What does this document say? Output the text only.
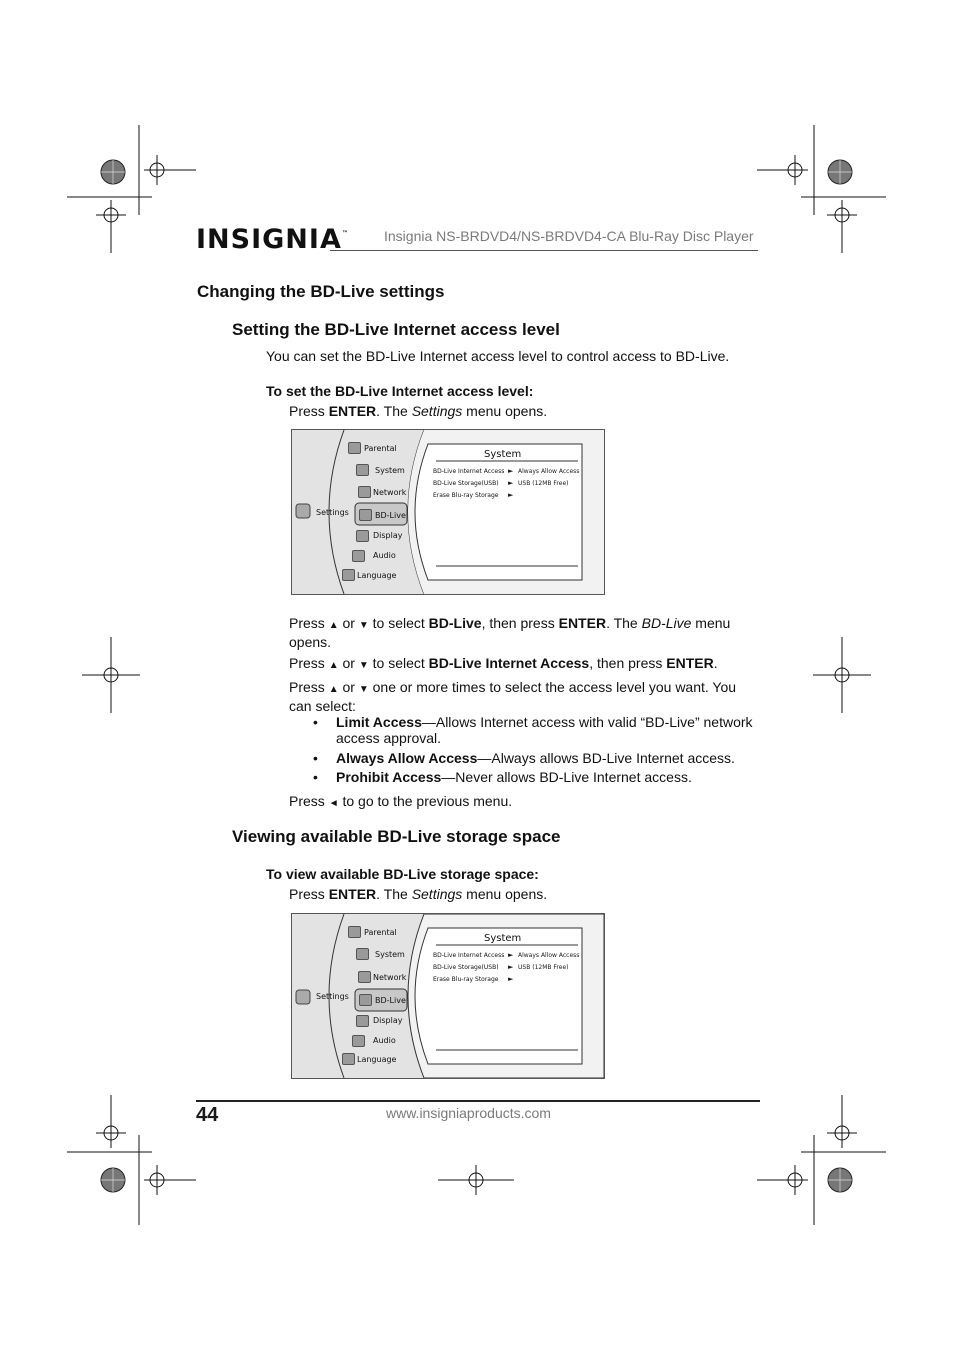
INSIGNIA™	Insignia NS-BRDVD4/NS-BRDVD4-CA Blu-Ray Disc Player
Changing the BD-Live settings
Setting the BD-Live Internet access level
You can set the BD-Live Internet access level to control access to BD-Live.
To set the BD-Live Internet access level:
Press ENTER. The Settings menu opens.
Settings
Parental
System
Network
BD-Live
Display
Audio
Language
System
BD-Live Internet Access ► Always Allow Access
BD-Live Storage(USB) ► USB (12MB Free)
Erase Blu-ray Storage ►
Press ▲ or ▼ to select BD-Live, then press ENTER. The BD-Live menu opens.
Press ▲ or ▼ to select BD-Live Internet Access, then press ENTER.
Press ▲ or ▼ one or more times to select the access level you want. You can select:
• Limit Access—Allows Internet access with valid “BD-Live” network access approval.
• Always Allow Access—Always allows BD-Live Internet access.
• Prohibit Access—Never allows BD-Live Internet access.
Press ◄ to go to the previous menu.
Viewing available BD-Live storage space
To view available BD-Live storage space:
Press ENTER. The Settings menu opens.
Settings
Parental
System
Network
BD-Live
Display
Audio
Language
System
BD-Live Internet Access ► Always Allow Access
BD-Live Storage(USB) ► USB (12MB Free)
Erase Blu-ray Storage ►
44	www.insigniaproducts.com
